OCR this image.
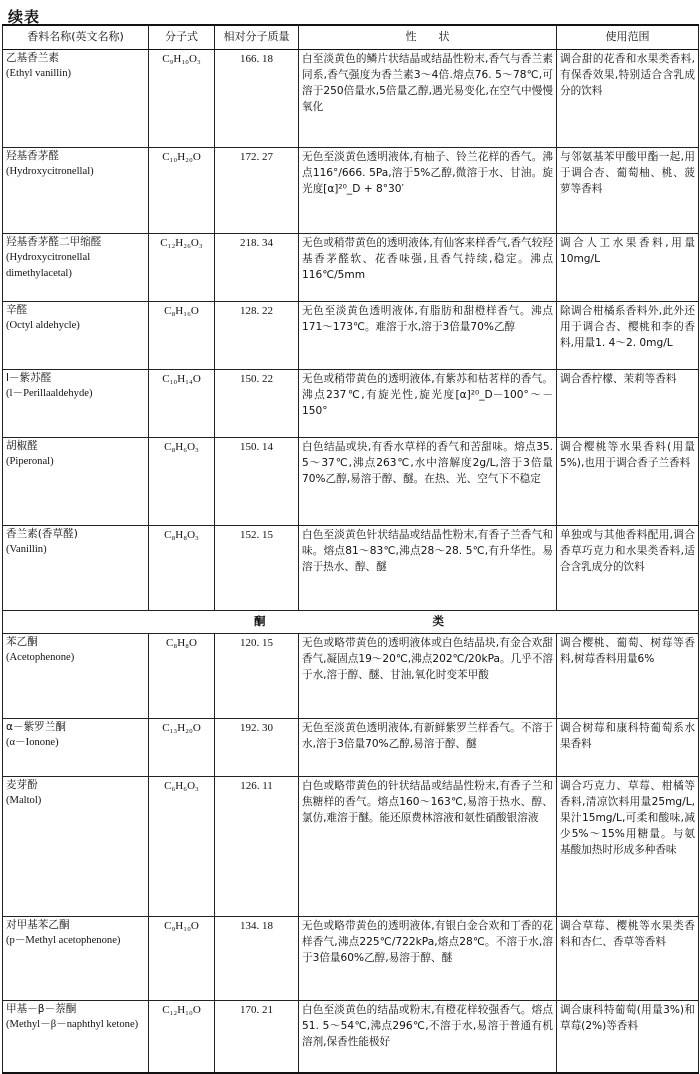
续表
香料名称(英文名称)	分子式	相对分子质量	性　　状	使用范围

乙基香兰素
(Ethyl vanillin)	C₉H₁₀O₃	166. 18	白至淡黄色的鳞片状结晶或结晶性粉末,香气与香兰素同系,香气强度为香兰素3～4倍.熔点76. 5～78℃,可溶于250倍量水,5倍量乙醇,遇光易变化,在空气中慢慢氧化	调合甜的花香和水果类香料,有保香效果,特别适合含乳成分的饮料

羟基香茅醛
(Hydroxycitronellal)	C₁₀H₂₀O	172. 27	无色至淡黄色透明液体,有柚子、铃兰花样的香气。沸点116°/666. 5Pa,溶于5%乙醇,微溶于水、甘油。旋光度[α]²⁰_D + 8°30′	与邻氨基苯甲酸甲酯一起,用于调合杏、葡萄柚、桃、菠萝等香料

羟基香茅醛二甲缩醛
(Hydroxycitronellal dimethylacetal)	C₁₂H₂₆O₃	218. 34	无色或稍带黄色的透明液体,有仙客来样香气,香气较羟基香茅醛软、花香味强,且香气持续,稳定。沸点116℃/5mm	调合人工水果香料,用量10mg/L

辛醛
(Octyl aldehycle)	C₈H₁₆O	128. 22	无色至淡黄色透明液体,有脂肪和甜橙样香气。沸点171～173℃。难溶于水,溶于3倍量70%乙醇	除调合柑橘系香料外,此外还用于调合杏、樱桃和李的香料,用量1. 4～2. 0mg/L

l－紫苏醛
(l－Perillaaldehyde)	C₁₀H₁₄O	150. 22	无色或稍带黄色的透明液体,有紫苏和枯茗样的香气。沸点237℃,有旋光性,旋光度[α]²⁰_D－100°～－150°	调合香柠檬、茉莉等香料

胡椒醛
(Piperonal)	C₈H₆O₃	150. 14	白色结晶或块,有香水草样的香气和苦甜味。熔点35. 5～37℃,沸点263℃,水中溶解度2g/L,溶于3倍量70%乙醇,易溶于醇、醚。在热、光、空气下不稳定	调合樱桃等水果香料(用量5%),也用于调合香子兰香料

香兰素(香草醛)
(Vanillin)	C₈H₈O₃	152. 15	白色至淡黄色针状结晶或结晶性粉末,有香子兰香气和味。熔点81～83℃,沸点28～28. 5℃,有升华性。易溶于热水、醇、醚	单独或与其他香料配用,调合香草巧克力和水果类香料,适合含乳成分的饮料
酮　　类				

苯乙酮
(Acetophenone)	C₈H₈O	120. 15	无色或略带黄色的透明液体或白色结晶块,有金合欢甜香气,凝固点19～20℃,沸点202℃/20kPa。几乎不溶于水,溶于醇、醚、甘油,氧化时变苯甲酸	调合樱桃、葡萄、树莓等香料,树莓香料用量6%

α－紫罗兰酮
(α－Ionone)	C₁₃H₂₀O	192. 30	无色至淡黄色透明液体,有新鲜紫罗兰样香气。不溶于水,溶于3倍量70%乙醇,易溶于醇、醚	调合树莓和康科特葡萄系水果香料

麦芽酚
(Maltol)	C₆H₆O₃	126. 11	白色或略带黄色的针状结晶或结晶性粉末,有香子兰和焦糖样的香气。熔点160～163℃,易溶于热水、醇、氯仿,难溶于醚。能还原费林溶液和氨性硝酸银溶液	调合巧克力、草莓、柑橘等香料,清凉饮料用量25mg/L,果汁15mg/L,可柔和酸味,减少5%～15%用糖量。与氨基酸加热时形成多种香味

对甲基苯乙酮
(p－Methyl acetophenone)	C₉H₁₀O	134. 18	无色或略带黄色的透明液体,有银白金合欢和丁香的花样香气,沸点225℃/722kPa,熔点28℃。不溶于水,溶于3倍量60%乙醇,易溶于醇、醚	调合草莓、樱桃等水果类香料和杏仁、香草等香料

甲基－β－萘酮
(Methyl－β－naphthyl ketone)	C₁₂H₁₀O	170. 21	白色至淡黄色的结晶或粉末,有橙花样较强香气。熔点51. 5～54℃,沸点296℃,不溶于水,易溶于普通有机溶剂,保香性能极好	调合康科特葡萄(用量3%)和草莓(2%)等香料
